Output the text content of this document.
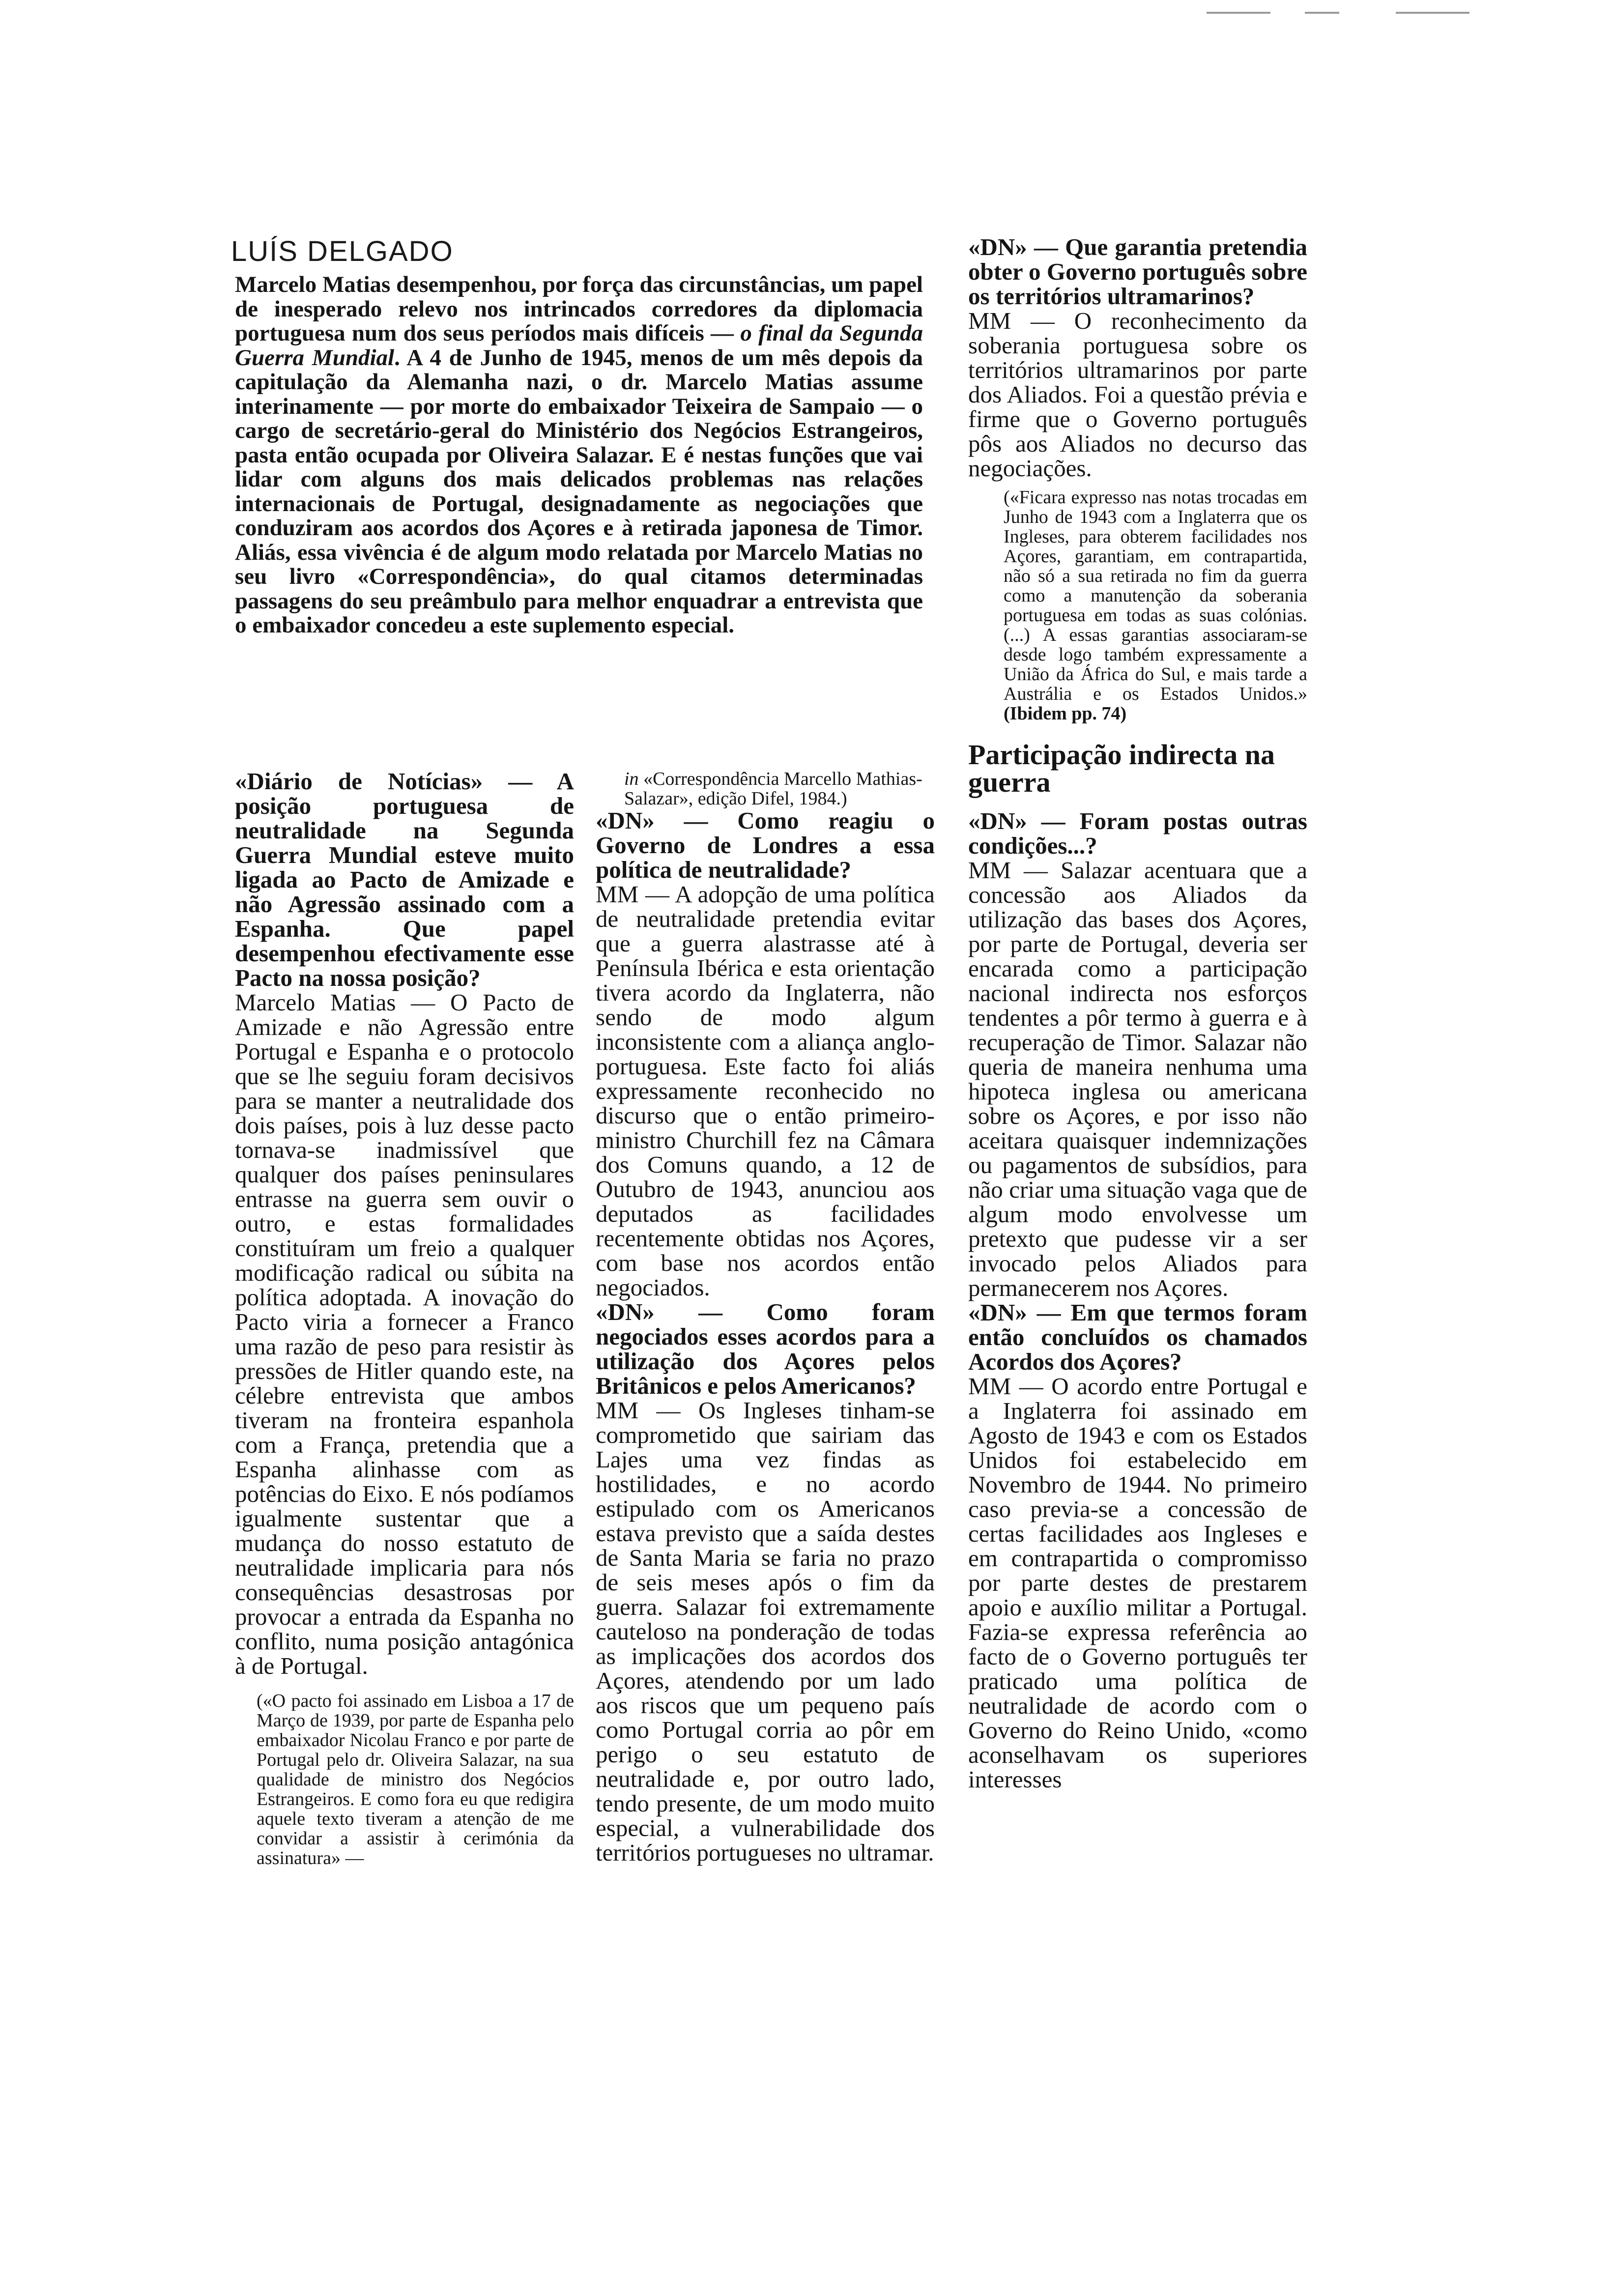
LUÍS DELGADO

Marcelo Matias desempenhou, por força das circunstâncias, um papel de inesperado relevo nos intrincados corredores da diplomacia portuguesa num dos seus períodos mais difíceis — o final da Segunda Guerra Mundial. A 4 de Junho de 1945, menos de um mês depois da capitulação da Alemanha nazi, o dr. Marcelo Matias assume interinamente — por morte do embaixador Teixeira de Sampaio — o cargo de secretário-geral do Ministério dos Negócios Estrangeiros, pasta então ocupada por Oliveira Salazar. E é nestas funções que vai lidar com alguns dos mais delicados problemas nas relações internacionais de Portugal, designadamente as negociações que conduziram aos acordos dos Açores e à retirada japonesa de Timor. Aliás, essa vivência é de algum modo relatada por Marcelo Matias no seu livro «Correspondência», do qual citamos determinadas passagens do seu preâmbulo para melhor enquadrar a entrevista que o embaixador concedeu a este suplemento especial.

«Diário de Notícias» — A posição portuguesa de neutralidade na Segunda Guerra Mundial esteve muito ligada ao Pacto de Amizade e não Agressão assinado com a Espanha. Que papel desempenhou efectivamente esse Pacto na nossa posição?

Marcelo Matias — O Pacto de Amizade e não Agressão entre Portugal e Espanha e o protocolo que se lhe seguiu foram decisivos para se manter a neutralidade dos dois países, pois à luz desse pacto tornava-se inadmissível que qualquer dos países peninsulares entrasse na guerra sem ouvir o outro, e estas formalidades constituíram um freio a qualquer modificação radical ou súbita na política adoptada. A inovação do Pacto viria a fornecer a Franco uma razão de peso para resistir às pressões de Hitler quando este, na célebre entrevista que ambos tiveram na fronteira espanhola com a França, pretendia que a Espanha alinhasse com as potências do Eixo. E nós podíamos igualmente sustentar que a mudança do nosso estatuto de neutralidade implicaria para nós consequências desastrosas por provocar a entrada da Espanha no conflito, numa posição antagónica à de Portugal.

(«O pacto foi assinado em Lisboa a 17 de Março de 1939, por parte de Espanha pelo embaixador Nicolau Franco e por parte de Portugal pelo dr. Oliveira Salazar, na sua qualidade de ministro dos Negócios Estrangeiros. E como fora eu que redigira aquele texto tiveram a atenção de me convidar a assistir à cerimónia da assinatura» —

in «Correspondência Marcello Mathias-Salazar», edição Difel, 1984.)

«DN» — Como reagiu o Governo de Londres a essa política de neutralidade?

MM — A adopção de uma política de neutralidade pretendia evitar que a guerra alastrasse até à Península Ibérica e esta orientação tivera acordo da Inglaterra, não sendo de modo algum inconsistente com a aliança anglo-portuguesa. Este facto foi aliás expressamente reconhecido no discurso que o então primeiro-ministro Churchill fez na Câmara dos Comuns quando, a 12 de Outubro de 1943, anunciou aos deputados as facilidades recentemente obtidas nos Açores, com base nos acordos então negociados.

«DN» — Como foram negociados esses acordos para a utilização dos Açores pelos Britânicos e pelos Americanos?

MM — Os Ingleses tinham-se comprometido que sairiam das Lajes uma vez findas as hostilidades, e no acordo estipulado com os Americanos estava previsto que a saída destes de Santa Maria se faria no prazo de seis meses após o fim da guerra. Salazar foi extremamente cauteloso na ponderação de todas as implicações dos acordos dos Açores, atendendo por um lado aos riscos que um pequeno país como Portugal corria ao pôr em perigo o seu estatuto de neutralidade e, por outro lado, tendo presente, de um modo muito especial, a vulnerabilidade dos territórios portugueses no ultramar.

«DN» — Que garantia pretendia obter o Governo português sobre os territórios ultramarinos?

MM — O reconhecimento da soberania portuguesa sobre os territórios ultramarinos por parte dos Aliados. Foi a questão prévia e firme que o Governo português pôs aos Aliados no decurso das negociações.

(«Ficara expresso nas notas trocadas em Junho de 1943 com a Inglaterra que os Ingleses, para obterem facilidades nos Açores, garantiam, em contrapartida, não só a sua retirada no fim da guerra como a manutenção da soberania portuguesa em todas as suas colónias. (...) A essas garantias associaram-se desde logo também expressamente a União da África do Sul, e mais tarde a Austrália e os Estados Unidos.» (Ibidem pp. 74)

Participação indirecta na guerra

«DN» — Foram postas outras condições...?

MM — Salazar acentuara que a concessão aos Aliados da utilização das bases dos Açores, por parte de Portugal, deveria ser encarada como a participação nacional indirecta nos esforços tendentes a pôr termo à guerra e à recuperação de Timor. Salazar não queria de maneira nenhuma uma hipoteca inglesa ou americana sobre os Açores, e por isso não aceitara quaisquer indemnizações ou pagamentos de subsídios, para não criar uma situação vaga que de algum modo envolvesse um pretexto que pudesse vir a ser invocado pelos Aliados para permanecerem nos Açores.

«DN» — Em que termos foram então concluídos os chamados Acordos dos Açores?

MM — O acordo entre Portugal e a Inglaterra foi assinado em Agosto de 1943 e com os Estados Unidos foi estabelecido em Novembro de 1944. No primeiro caso previa-se a concessão de certas facilidades aos Ingleses e em contrapartida o compromisso por parte destes de prestarem apoio e auxílio militar a Portugal. Fazia-se expressa referência ao facto de o Governo português ter praticado uma política de neutralidade de acordo com o Governo do Reino Unido, «como aconselhavam os superiores interesses
